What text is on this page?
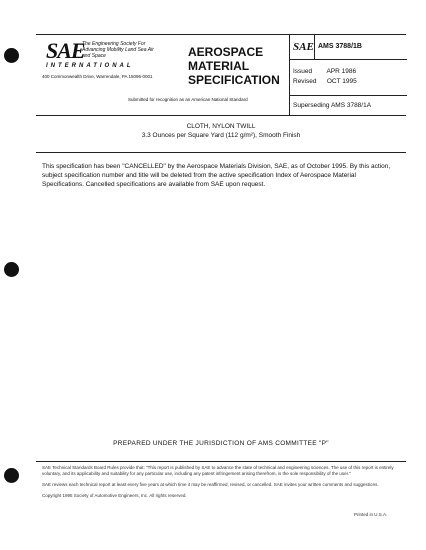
SAE
The Engineering Society For Advancing Mobility Land Sea Air and Space
INTERNATIONAL
400 Commonwealth Drive, Warrendale, PA 15096-0001
AEROSPACE
MATERIAL
SPECIFICATION
Submitted for recognition as an American National Standard
SAE AMS 3788/1B
Issued APR 1986
Revised OCT 1995
Superseding AMS 3788/1A
CLOTH, NYLON TWILL
3.3 Ounces per Square Yard (112 g/m²), Smooth Finish
This specification has been "CANCELLED" by the Aerospace Materials Division, SAE, as of October 1995. By this action, subject specification number and title will be deleted from the active specification Index of Aerospace Material Specifications. Cancelled specifications are available from SAE upon request.
PREPARED UNDER THE JURISDICTION OF AMS COMMITTEE "P"

SAE Technical Standards Board Rules provide that: "This report is published by SAE to advance the state of technical and engineering sciences. The use of this report is entirely voluntary, and its applicability and suitability for any particular use, including any patent infringement arising therefrom, is the sole responsibility of the user."

SAE reviews each technical report at least every five years at which time it may be reaffirmed, revised, or cancelled. SAE invites your written comments and suggestions.

Copyright 1995 Society of Automotive Engineers, Inc. All rights reserved.

Printed in U.S.A.
